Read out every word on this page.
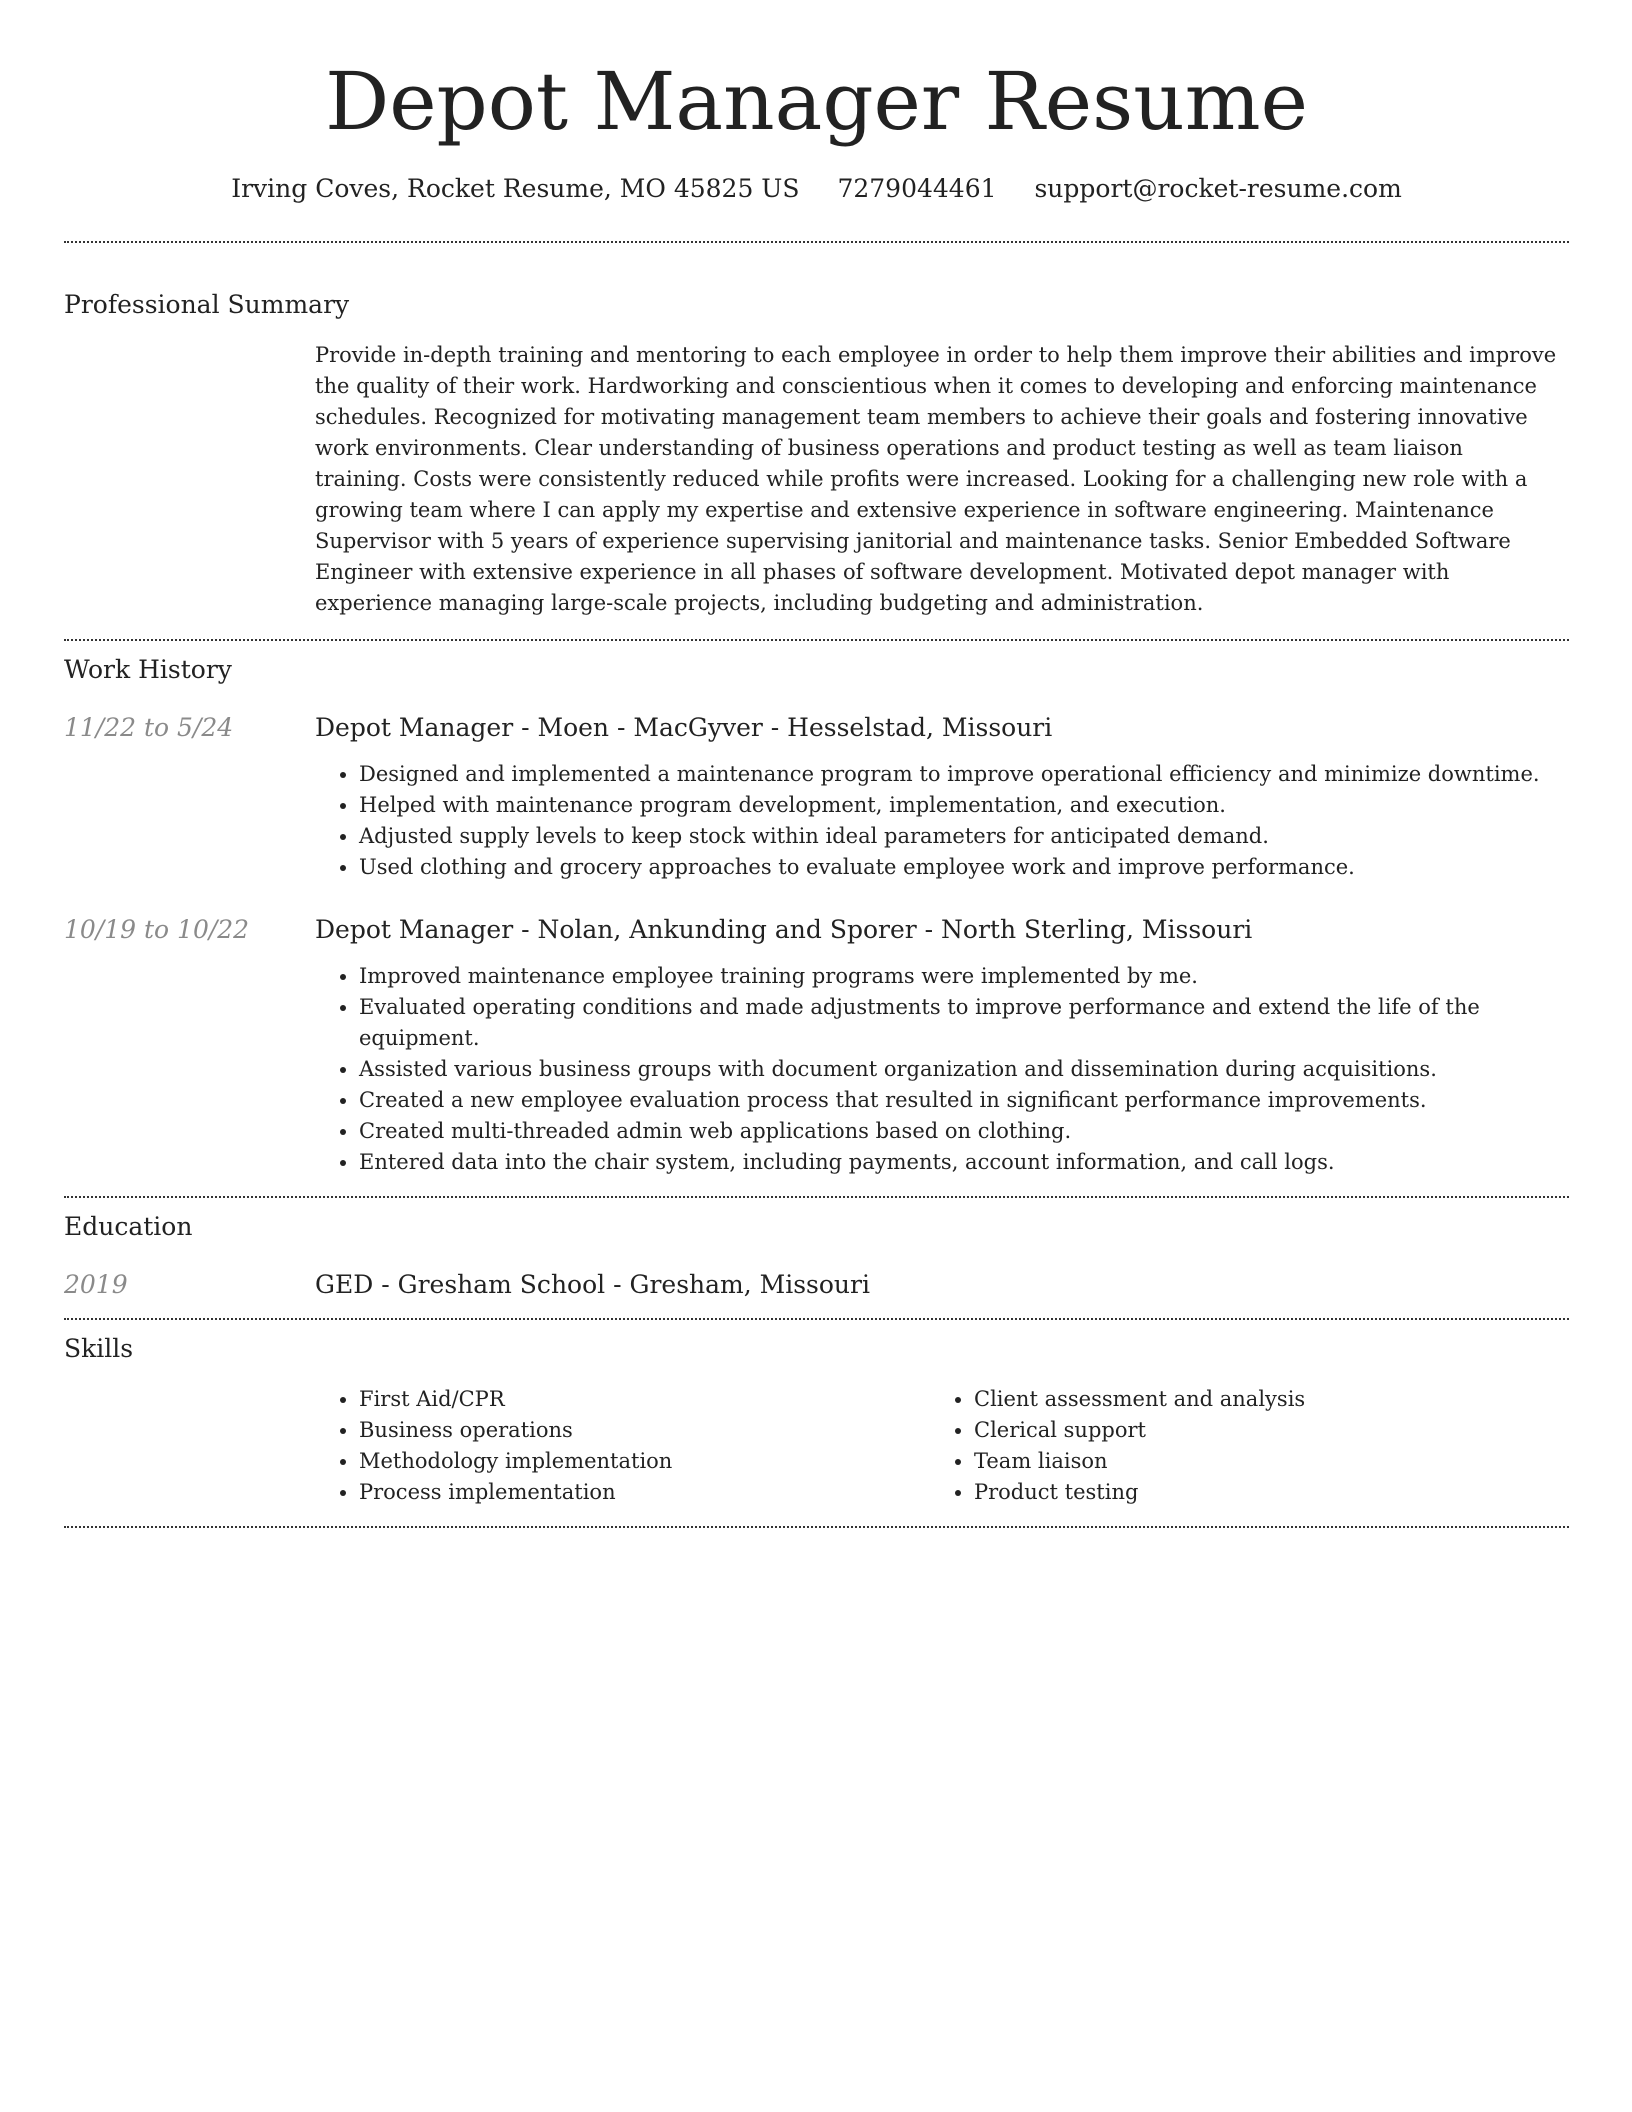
Depot Manager Resume
Irving Coves, Rocket Resume, MO 45825 US 7279044461 support@rocket-resume.com
Professional Summary
Provide in-depth training and mentoring to each employee in order to help them improve their abilities and improve the quality of their work. Hardworking and conscientious when it comes to developing and enforcing maintenance schedules. Recognized for motivating management team members to achieve their goals and fostering innovative work environments. Clear understanding of business operations and product testing as well as team liaison training. Costs were consistently reduced while profits were increased. Looking for a challenging new role with a growing team where I can apply my expertise and extensive experience in software engineering. Maintenance Supervisor with 5 years of experience supervising janitorial and maintenance tasks. Senior Embedded Software Engineer with extensive experience in all phases of software development. Motivated depot manager with experience managing large-scale projects, including budgeting and administration.
Work History
11/22 to 5/24	Depot Manager - Moen - MacGyver - Hesselstad, Missouri
• Designed and implemented a maintenance program to improve operational efficiency and minimize downtime.
• Helped with maintenance program development, implementation, and execution.
• Adjusted supply levels to keep stock within ideal parameters for anticipated demand.
• Used clothing and grocery approaches to evaluate employee work and improve performance.
10/19 to 10/22	Depot Manager - Nolan, Ankunding and Sporer - North Sterling, Missouri
• Improved maintenance employee training programs were implemented by me.
• Evaluated operating conditions and made adjustments to improve performance and extend the life of the equipment.
• Assisted various business groups with document organization and dissemination during acquisitions.
• Created a new employee evaluation process that resulted in significant performance improvements.
• Created multi-threaded admin web applications based on clothing.
• Entered data into the chair system, including payments, account information, and call logs.
Education
2019	GED - Gresham School - Gresham, Missouri
Skills
• First Aid/CPR
• Business operations
• Methodology implementation
• Process implementation
• Client assessment and analysis
• Clerical support
• Team liaison
• Product testing
